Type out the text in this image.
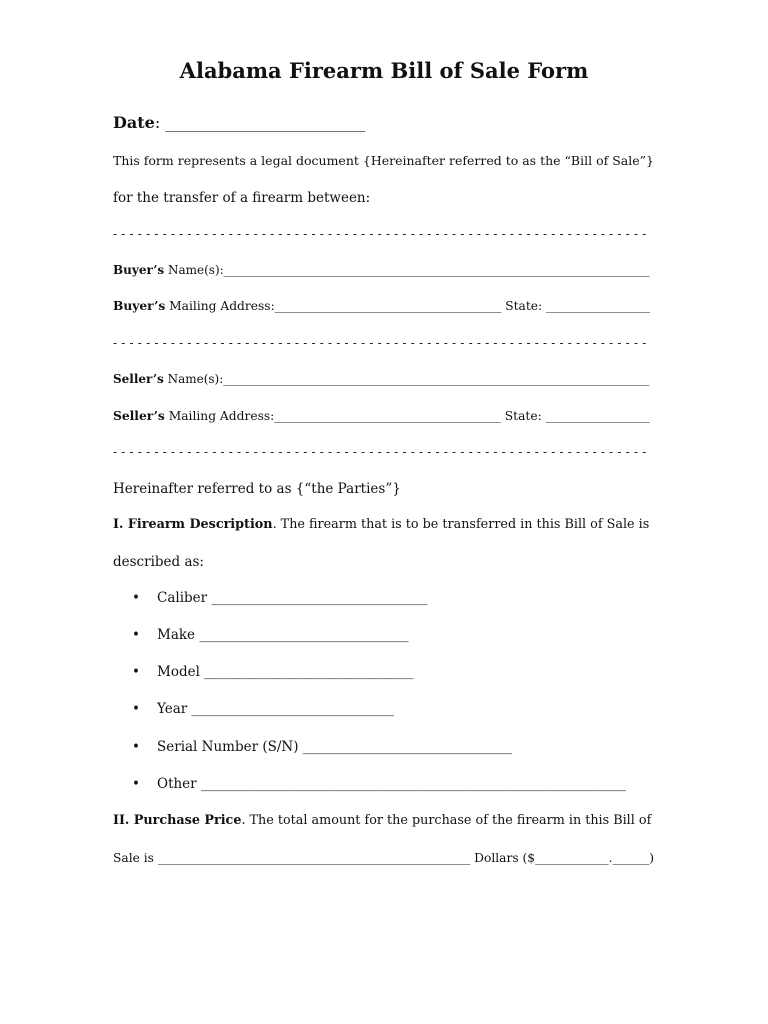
Alabama Firearm Bill of Sale Form
Date: _________________________
This form represents a legal document {Hereinafter referred to as the “Bill of Sale”}
for the transfer of a firearm between:
- - - - - - - - - - - - - - - - - - - - - - - - - - - - - - - - - - - - - - - - - - - - - - - - - - - - - - - - - - - - - - - - -
Buyer’s Name(s):_______________________________________________________________________
Buyer’s Mailing Address:_____________________________________ State: _________________
- - - - - - - - - - - - - - - - - - - - - - - - - - - - - - - - - - - - - - - - - - - - - - - - - - - - - - - - - - - - - - - - -
Seller’s Name(s):_______________________________________________________________________
Seller’s Mailing Address:_____________________________________ State: _________________
- - - - - - - - - - - - - - - - - - - - - - - - - - - - - - - - - - - - - - - - - - - - - - - - - - - - - - - - - - - - - - - - -
Hereinafter referred to as {“the Parties”}
I. Firearm Description. The firearm that is to be transferred in this Bill of Sale is
described as:
• Caliber ________________________________
• Make _______________________________
• Model _______________________________
• Year ______________________________
• Serial Number (S/N) _______________________________
• Other _______________________________________________________________
II. Purchase Price. The total amount for the purchase of the firearm in this Bill of
Sale is ___________________________________________________ Dollars ($____________.______)
